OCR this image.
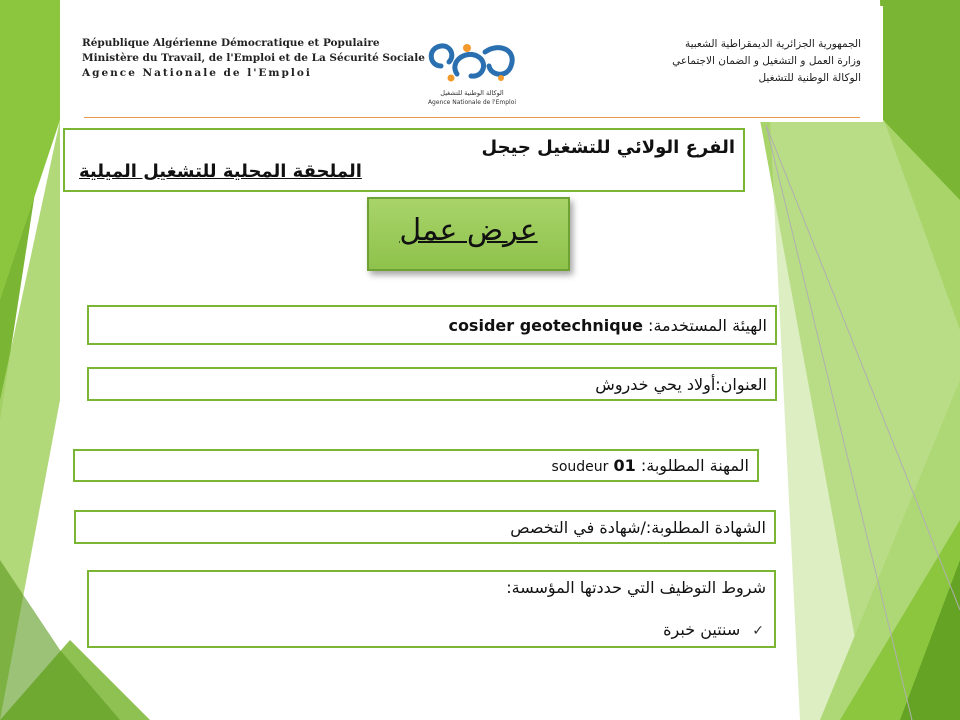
République Algérienne Démocratique et Populaire
Ministère du Travail, de l'Emploi et de La Sécurité Sociale
Agence Nationale de l'Emploi
الوكالة الوطنية للتشغيل
Agence Nationale de l'Emploi
الجمهورية الجزائرية الديمقراطية الشعبية
وزارة العمل و التشغيل و الضمان الاجتماعي
الوكالة الوطنية للتشغيل
الفرع الولائي للتشغيل جيجل
الملحقة المحلية للتشغيل الميلية
عرض عمل
الهيئة المستخدمة: cosider geotechnique
العنوان:أولاد يحي خدروش
المهنة المطلوبة: 01 soudeur
الشهادة المطلوبة:/شهادة في التخصص
شروط التوظيف التي حددتها المؤسسة:
✓سنتين خبرة
